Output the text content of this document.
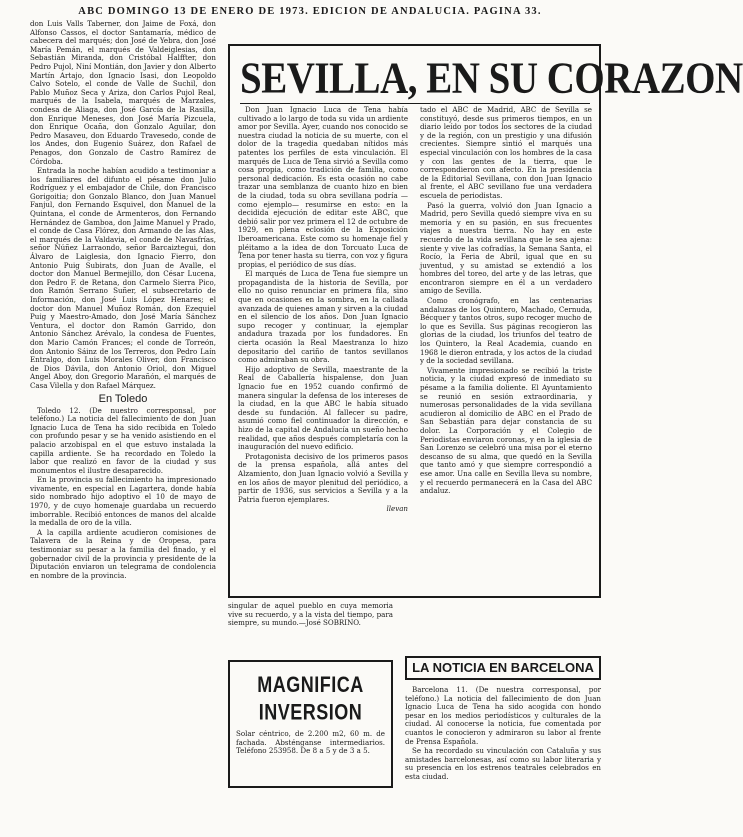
ABC DOMINGO 13 DE ENERO DE 1973. EDICION DE ANDALUCIA. PAGINA 33.

don Luis Valls Taberner, don Jaime de Foxá, don Alfonso Cassos, el doctor Santamaría, médico de cabecera del marqués; don José de Yebra, don José María Pemán, el marqués de Valdeiglesias, don Sebastián Miranda, don Cristóbal Halffter, don Pedro Pujol, Niní Montián, don Javier y don Alberto Martín Artajo, don Ignacio Isasi, don Leopoldo Calvo Sotelo, el conde de Valle de Suchil, don Pablo Muñoz Seca y Ariza, don Carlos Pujol Real, marqués de la Isabela, marqués de Marzales, condesa de Aliaga, don José García de la Rasilla, don Enrique Meneses, don José María Pizcuela, don Enrique Ocaña, don Gonzalo Aguilar, don Pedro Masaveu, don Eduardo Travesedo, conde de los Andes, don Eugenio Suárez, don Rafael de Penagos, don Gonzalo de Castro Ramírez de Córdoba.

Entrada la noche habían acudido a testimoniar a los familiares del difunto el pésame don Julio Rodríguez y el embajador de Chile, don Francisco Gorigoitia; don Gonzalo Blanco, don Juan Manuel Fanjul, don Fernando Esquivel, don Manuel de la Quintana, el conde de Armenteros, don Fernando Hernández de Gamboa, don Jaime Manuel y Prado, el conde de Casa Flórez, don Armando de las Alas, el marqués de la Valdavia, el conde de Navasfrías, señor Núñez Larraondo, señor Barcaiztegui, don Álvaro de Laiglesia, don Ignacio Fierro, don Antonio Puig Subirats, don Juan de Avalle, el doctor don Manuel Bermejillo, don César Lucena, don Pedro F. de Retana, don Carmelo Sierra Pico, don Ramón Serrano Suñer, el subsecretario de Información, don José Luis López Henares; el doctor don Manuel Muñoz Román, don Ezequiel Puig y Maestro-Amado, don José María Sánchez Ventura, el doctor don Ramón Garrido, don Antonio Sánchez Arévalo, la condesa de Fuentes, don Mario Camón Frances; el conde de Torreón, don Antonio Sáinz de los Terreros, don Pedro Laín Entralgo, don Luis Morales Oliver, don Francisco de Dios Dávila, don Antonio Oriol, don Miguel Angel Aboy, don Gregorio Marañón, el marqués de Casa Vilella y don Rafael Márquez.

En Toledo

Toledo 12. (De nuestro corresponsal, por teléfono.) La noticia del fallecimiento de don Juan Ignacio Luca de Tena ha sido recibida en Toledo con profundo pesar y se ha venido asistiendo en el palacio arzobispal en el que estuvo instalada la capilla ardiente. Se ha recordado en Toledo la labor que realizó en favor de la ciudad y sus monumentos el ilustre desaparecido.

En la provincia su fallecimiento ha impresionado vivamente, en especial en Lagartera, donde había sido nombrado hijo adoptivo el 10 de mayo de 1970, y de cuyo homenaje guardaba un recuerdo imborrable. Recibió entonces de manos del alcalde la medalla de oro de la villa.

A la capilla ardiente acudieron comisiones de Talavera de la Reina y de Oropesa, para testimoniar su pesar a la familia del finado, y el gobernador civil de la provincia y presidente de la Diputación enviaron un telegrama de condolencia en nombre de la provincia.

SEVILLA, EN SU CORAZON

Don Juan Ignacio Luca de Tena había cultivado a lo largo de toda su vida un ardiente amor por Sevilla. Ayer, cuando nos conocido se nuestra ciudad la noticia de su muerte, con el dolor de la tragedia quedaban nítidos más patentes los perfiles de esta vinculación. El marqués de Luca de Tena sirvió a Sevilla como cosa propia, como tradición de familia, como personal dedicación. Es esta ocasión no cabe trazar una semblanza de cuanto hizo en bien de la ciudad, toda su obra sevillana podría —como ejemplo— resumirse en esto: en la decidida ejecución de editar este ABC, que debió salir por vez primera el 12 de octubre de 1929, en plena eclosión de la Exposición Iberoamericana. Este como su homenaje fiel y pléitamo a la idea de don Torcuato Luca de Tena por tener hasta su tierra, con voz y figura propias, el periódico de sus días.

El marqués de Luca de Tena fue siempre un propagandista de la historia de Sevilla, por ello no quiso renunciar en primera fila, sino que en ocasiones en la sombra, en la callada avanzada de quienes aman y sirven a la ciudad en el silencio de los años. Don Juan Ignacio supo recoger y continuar, la ejemplar andadura trazada por los fundadores. En cierta ocasión la Real Maestranza lo hizo depositario del cariño de tantos sevillanos como admiraban su obra.

Hijo adoptivo de Sevilla, maestrante de la Real de Caballería hispalense, don Juan Ignacio fue en 1952 cuando confirmó de manera singular la defensa de los intereses de la ciudad, en la que ABC le había situado desde su fundación. Al fallecer su padre, asumió como fiel continuador la dirección, e hizo de la capital de Andalucía un sueño hecho realidad, que años después completaría con la inauguración del nuevo edificio.

Protagonista decisivo de los primeros pasos de la prensa española, allá antes del Alzamiento, don Juan Ignacio volvió a Sevilla y en los años de mayor plenitud del periódico, a partir de 1936, sus servicios a Sevilla y a la Patria fueron ejemplares.

llevan

tado el ABC de Madrid, ABC de Sevilla se constituyó, desde sus primeros tiempos, en un diario leído por todos los sectores de la ciudad y de la región, con un prestigio y una difusión crecientes. Siempre sintió el marqués una especial vinculación con los hombres de la casa y con las gentes de la tierra, que le correspondieron con afecto. En la presidencia de la Editorial Sevillana, con don Juan Ignacio al frente, el ABC sevillano fue una verdadera escuela de periodistas.

Pasó la guerra, volvió don Juan Ignacio a Madrid, pero Sevilla quedó siempre viva en su memoria y en su pasión, en sus frecuentes viajes a nuestra tierra. No hay en este recuerdo de la vida sevillana que le sea ajena: siente y vive las cofradías, la Semana Santa, el Rocío, la Feria de Abril, igual que en su juventud, y su amistad se extendió a los hombres del toreo, del arte y de las letras, que encontraron siempre en él a un verdadero amigo de Sevilla.

Como cronógrafo, en las centenarias andaluzas de los Quintero, Machado, Cernuda, Bécquer y tantos otros, supo recoger mucho de lo que es Sevilla. Sus páginas recogieron las glorias de la ciudad, los triunfos del teatro de los Quintero, la Real Academia, cuando en 1968 le dieron entrada, y los actos de la ciudad y de la sociedad sevillana.

Vivamente impresionado se recibió la triste noticia, y la ciudad expresó de inmediato su pésame a la familia doliente. El Ayuntamiento se reunió en sesión extraordinaria, y numerosas personalidades de la vida sevillana acudieron al domicilio de ABC en el Prado de San Sebastián para dejar constancia de su dolor. La Corporación y el Colegio de Periodistas enviaron coronas, y en la iglesia de San Lorenzo se celebró una misa por el eterno descanso de su alma, que quedó en la Sevilla que tanto amó y que siempre correspondió a ese amor. Una calle en Sevilla lleva su nombre, y el recuerdo permanecerá en la Casa del ABC andaluz.

singular de aquel pueblo en cuya memoria vive su recuerdo, y a la vista del tiempo, para siempre, su mundo.—José SOBRINO.

MAGNIFICA INVERSION
Solar céntrico, de 2.200 m2, 60 m. de fachada. Absténganse intermediarios. Teléfono 253958. De 8 a 5 y de 3 a 5.
LA NOTICIA EN BARCELONA

Barcelona 11. (De nuestra corresponsal, por teléfono.) La noticia del fallecimiento de don Juan Ignacio Luca de Tena ha sido acogida con hondo pesar en los medios periodísticos y culturales de la ciudad. Al conocerse la noticia, fue comentada por cuantos le conocieron y admiraron su labor al frente de Prensa Española.

Se ha recordado su vinculación con Cataluña y sus amistades barcelonesas, así como su labor literaria y su presencia en los estrenos teatrales celebrados en esta ciudad.
